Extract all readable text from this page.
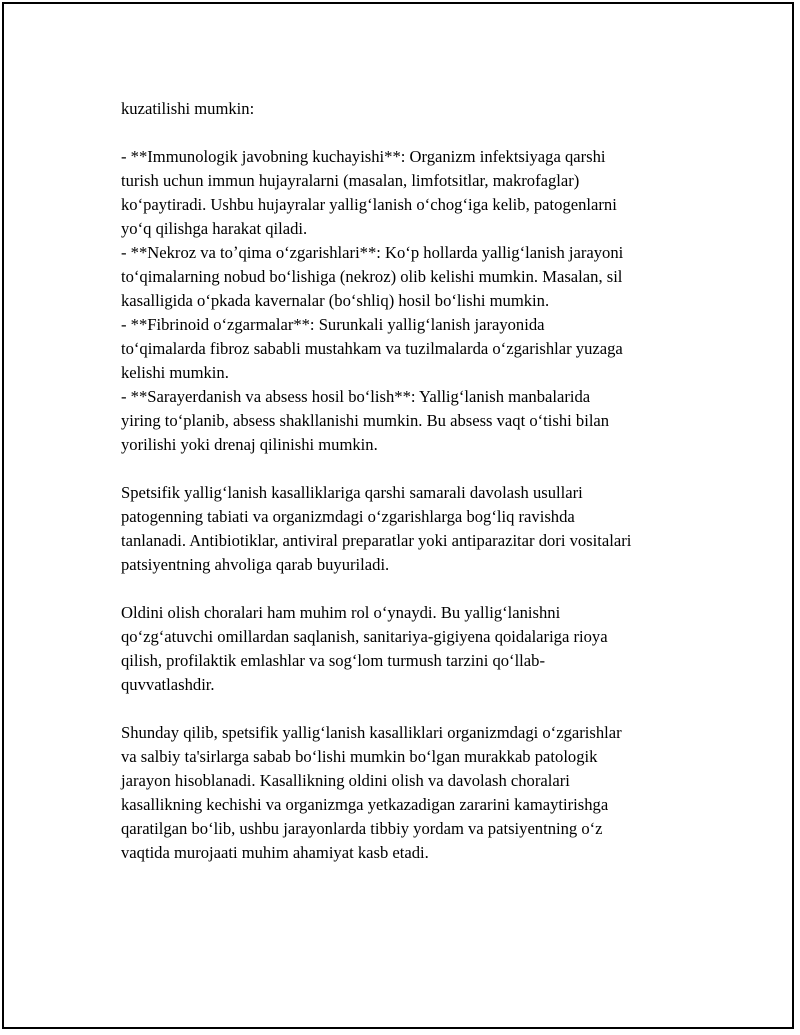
kuzatilishi mumkin:
- **Immunologik javobning kuchayishi**: Organizm infektsiyaga qarshi
turish uchun immun hujayralarni (masalan, limfotsitlar, makrofaglar)
koʻpaytiradi. Ushbu hujayralar yalligʻlanish oʻchogʻiga kelib, patogenlarni
yoʻq qilishga harakat qiladi.
- **Nekroz va toʼqima oʻzgarishlari**: Koʻp hollarda yalligʻlanish jarayoni
toʻqimalarning nobud boʻlishiga (nekroz) olib kelishi mumkin. Masalan, sil
kasalligida oʻpkada kavernalar (boʻshliq) hosil boʻlishi mumkin.
- **Fibrinoid oʻzgarmalar**: Surunkali yalligʻlanish jarayonida
toʻqimalarda fibroz sababli mustahkam va tuzilmalarda oʻzgarishlar yuzaga
kelishi mumkin.
- **Sarayerdanish va absess hosil boʻlish**: Yalligʻlanish manbalarida
yiring toʻplanib, absess shakllanishi mumkin. Bu absess vaqt oʻtishi bilan
yorilishi yoki drenaj qilinishi mumkin.
Spetsifik yalligʻlanish kasalliklariga qarshi samarali davolash usullari
patogenning tabiati va organizmdagi oʻzgarishlarga bogʻliq ravishda
tanlanadi. Antibiotiklar, antiviral preparatlar yoki antiparazitar dori vositalari
patsiyentning ahvoliga qarab buyuriladi.
Oldini olish choralari ham muhim rol oʻynaydi. Bu yalligʻlanishni
qoʻzgʻatuvchi omillardan saqlanish, sanitariya-gigiyena qoidalariga rioya
qilish, profilaktik emlashlar va sogʻlom turmush tarzini qoʻllab-
quvvatlashdir.
Shunday qilib, spetsifik yalligʻlanish kasalliklari organizmdagi oʻzgarishlar
va salbiy ta'sirlarga sabab boʻlishi mumkin boʻlgan murakkab patologik
jarayon hisoblanadi. Kasallikning oldini olish va davolash choralari
kasallikning kechishi va organizmga yetkazadigan zararini kamaytirishga
qaratilgan boʻlib, ushbu jarayonlarda tibbiy yordam va patsiyentning oʻz
vaqtida murojaati muhim ahamiyat kasb etadi.
